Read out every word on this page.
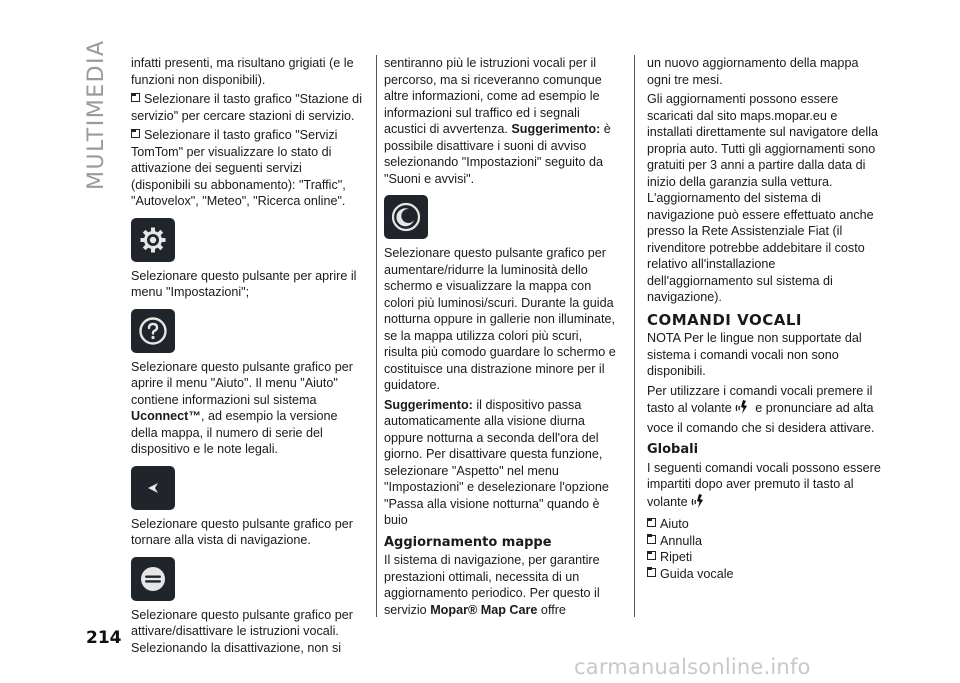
MULTIMEDIA	infatti presenti, ma risultano grigiati (e le funzioni non disponibili).

Selezionare il tasto grafico "Stazione di servizio" per cercare stazioni di servizio.

Selezionare il tasto grafico "Servizi TomTom" per visualizzare lo stato di attivazione dei seguenti servizi (disponibili su abbonamento): "Traffic", "Autovelox", "Meteo", "Ricerca online".

Selezionare questo pulsante per aprire il menu "Impostazioni";

Selezionare questo pulsante grafico per aprire il menu "Aiuto". Il menu "Aiuto" contiene informazioni sul sistema Uconnect™, ad esempio la versione della mappa, il numero di serie del dispositivo e le note legali.

Selezionare questo pulsante grafico per tornare alla vista di navigazione.

Selezionare questo pulsante grafico per attivare/disattivare le istruzioni vocali. Selezionando la disattivazione, non si

sentiranno più le istruzioni vocali per il percorso, ma si riceveranno comunque altre informazioni, come ad esempio le informazioni sul traffico ed i segnali acustici di avvertenza. Suggerimento: è possibile disattivare i suoni di avviso selezionando "Impostazioni" seguito da "Suoni e avvisi".

Selezionare questo pulsante grafico per aumentare/ridurre la luminosità dello schermo e visualizzare la mappa con colori più luminosi/scuri. Durante la guida notturna oppure in gallerie non illuminate, se la mappa utilizza colori più scuri, risulta più comodo guardare lo schermo e costituisce una distrazione minore per il guidatore.

Suggerimento: il dispositivo passa automaticamente alla visione diurna oppure notturna a seconda dell'ora del giorno. Per disattivare questa funzione, selezionare "Aspetto" nel menu "Impostazioni" e deselezionare l'opzione "Passa alla visione notturna" quando è buio

Aggiornamento mappe

Il sistema di navigazione, per garantire prestazioni ottimali, necessita di un aggiornamento periodico. Per questo il servizio Mopar® Map Care offre

un nuovo aggiornamento della mappa ogni tre mesi.

Gli aggiornamenti possono essere scaricati dal sito maps.mopar.eu e installati direttamente sul navigatore della propria auto. Tutti gli aggiornamenti sono gratuiti per 3 anni a partire dalla data di inizio della garanzia sulla vettura. L'aggiornamento del sistema di navigazione può essere effettuato anche presso la Rete Assistenziale Fiat (il rivenditore potrebbe addebitare il costo relativo all'installazione dell'aggiornamento sul sistema di navigazione).

COMANDI VOCALI

NOTA Per le lingue non supportate dal sistema i comandi vocali non sono disponibili.

Per utilizzare i comandi vocali premere il tasto al volante e pronunciare ad alta voce il comando che si desidera attivare.

Globali

I seguenti comandi vocali possono essere impartiti dopo aver premuto il tasto al volante

Aiuto
Annulla
Ripeti
Guida vocale
214
carmanualsonline.info
